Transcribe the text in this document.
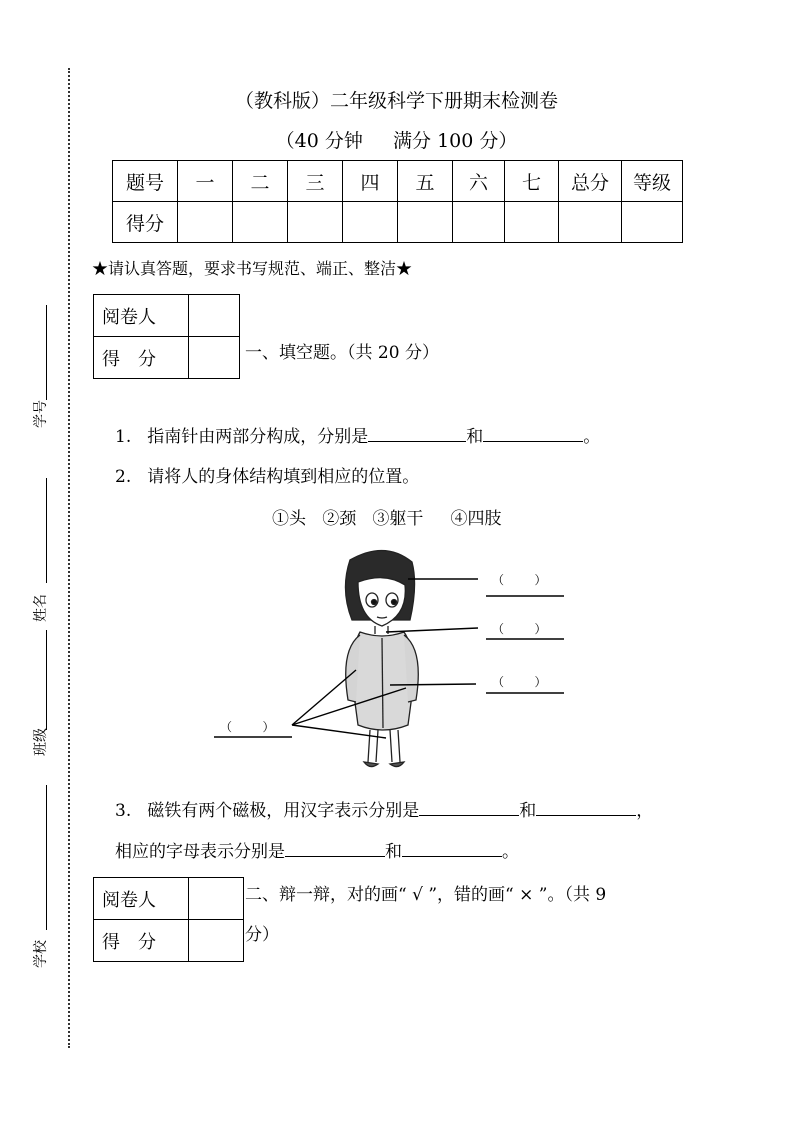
学号
姓名
班级
学校
（教科版）二年级科学下册期末检测卷
（40 分钟     满分 100 分）
题号	一	二	三	四	五	六	七	总分	等级
得分									
★请认真答题，要求书写规范、端正、整洁★
阅卷人	
得　分		一、填空题。（共 20 分）
1. 指南针由两部分构成，分别是	和	。
2. 请将人的身体结构填到相应的位置。
①头   ②颈   ③躯干     ④四肢
（        ）
（        ）
（        ）
（        ）
3. 磁铁有两个磁极，用汉字表示分别是	和	，
相应的字母表示分别是	和	。
阅卷人	
得　分	
二、辩一辩，对的画“ √ ”，错的画“ × ”。（共 9
分）
